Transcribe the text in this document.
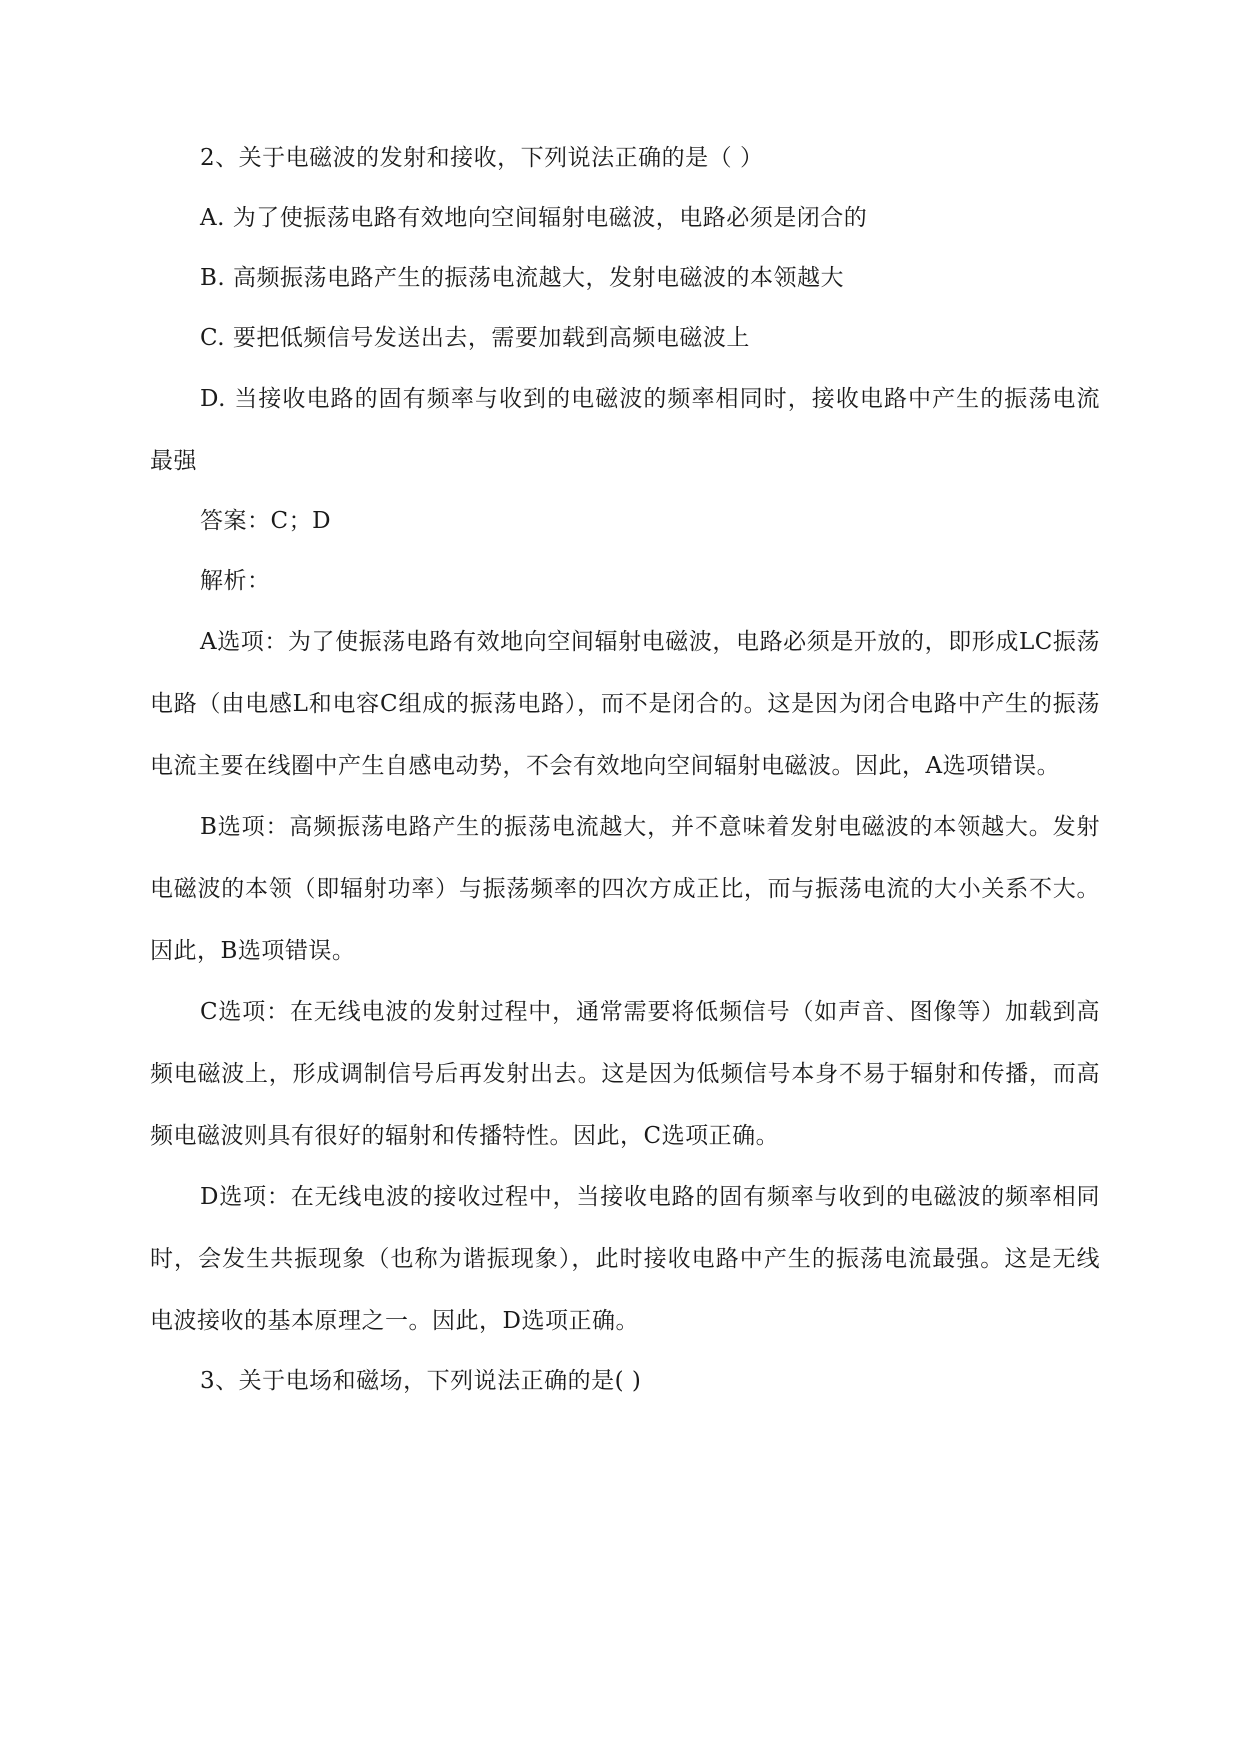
2、关于电磁波的发射和接收，下列说法正确的是（ ）

A. 为了使振荡电路有效地向空间辐射电磁波，电路必须是闭合的

B. 高频振荡电路产生的振荡电流越大，发射电磁波的本领越大

C. 要把低频信号发送出去，需要加载到高频电磁波上

D. 当接收电路的固有频率与收到的电磁波的频率相同时，接收电路中产生的振荡电流最强

答案：C；D

解析：

A选项：为了使振荡电路有效地向空间辐射电磁波，电路必须是开放的，即形成LC振荡电路（由电感L和电容C组成的振荡电路），而不是闭合的。这是因为闭合电路中产生的振荡电流主要在线圈中产生自感电动势，不会有效地向空间辐射电磁波。因此，A选项错误。

B选项：高频振荡电路产生的振荡电流越大，并不意味着发射电磁波的本领越大。发射电磁波的本领（即辐射功率）与振荡频率的四次方成正比，而与振荡电流的大小关系不大。因此，B选项错误。

C选项：在无线电波的发射过程中，通常需要将低频信号（如声音、图像等）加载到高频电磁波上，形成调制信号后再发射出去。这是因为低频信号本身不易于辐射和传播，而高频电磁波则具有很好的辐射和传播特性。因此，C选项正确。

D选项：在无线电波的接收过程中，当接收电路的固有频率与收到的电磁波的频率相同时，会发生共振现象（也称为谐振现象），此时接收电路中产生的振荡电流最强。这是无线电波接收的基本原理之一。因此，D选项正确。

3、关于电场和磁场，下列说法正确的是( )
